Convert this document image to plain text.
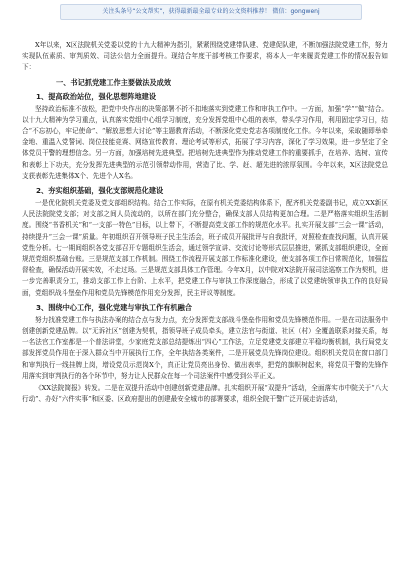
关注头条号“公文帮实”，获得最新最全最专业的公文资料推荐！ 微信：gongwenj

X年以来，X区法院机关党委以党的十九大精神为指引，紧紧围绕党建带队建、党建促队建，不断加强法院党建工作，努力实现队伍素质、审判质效、司法公信力全面提升。现结合年度干部考核工作要求，将本人一年来履责党建工作的情况报告如下：

一、书记抓党建工作主要做法及成效
1、提高政治站位，强化思想阵地建设

坚持政治标准不放松，把党中央作出的决策部署不折不扣地落实到党建工作和审执工作中。一方面，加强“学”“做”结合。以十九大精神为学习重点，认真落实党组中心组学习制度，充分发挥党组中心组的表率，带头学习作用，利用固定学习日，结合“不忘初心，牢记使命”、“解放思想大讨论”等主题教育活动，不断深化党史党志各项制度化工作。今年以来，采取随即举牵金地、重温入党誓词、岗位技能竞赛、网络宣传教育、理论考试等形式，拓展了学习内容，深化了学习效果，进一步坚定了全体党员干警的理想信念。另一方面，加强培树先进典型。把培树先进典型作为推动党建工作的重要抓手，在培养、选树、宣传和表彰上下功夫，充分发挥先进典型的示范引领带动作用，营造了比、学、赶、超先进的浓厚氛围。今年以来，X区法院党总支获表彰先进集体X个、先进个人X名。

2、夯实组织基础，强化支部规范化建设

一是优化院机关党委及党支部组织结构。结合工作实际，在原有机关党委结构体系下，配齐机关党委副书记，成立XX新区人民法院院党支部；对支部之间人员流动的，以所在部门充分整合，确保支部人员结构更加合理。二是严格落实组织生活制度。围绕“书香机关”和“一支部一特色”目标，以上带下，不断提高党支部工作的规范化水平。扎实开展支部“三会一课”活动，持续提升“三会一课”质量。年初组织召开领导班子民主生活会，班子成员开展批评与自我批评，对照检查查找问题，认真开展党性分析。七一期间组织各党支部召开专题组织生活会，通过领学宣讲、交流讨论等形式层层推进，紧抓支部组织建设，全面规范党组织基础台账。三是规范支部工作机制。围绕工作流程开展支部工作标准化建设，使支部各项工作日常规范化，加强监督检查，确保活动开展实效，不走过场。三是规范支部具体工作管理。今年X月，以中院对X法院开展司法巡察工作为契机，进一步完善职责分工，推动支部工作上台阶、上水平，把党建工作与审执工作深度融合，形成了以党建统领审执工作的良好局面，党组织战斗堡垒作用和党员先锋模范作用充分发挥，民主评议等制度。

3、围绕中心工作，强化党建与审执工作有机融合

努力找准党建工作与执法办案的结合点与发力点，充分发挥党支部战斗堡垒作用和党员先锋模范作用。一是在司法服务中创建创新党建品牌。以“无诉社区”创建为契机，指领导班子成员牵头，建立法官与街道、社区（村）全覆盖联系对接关系，每一名法官工作室都是一个普法讲堂，少家庭党支部总结提炼出“四心”工作法，立足党建党支部建立平稳均衡机制，执行局党支部发挥党员作用在于深入群众当中开展执行工作，全年执结各类案件，二是开展党员先锋岗位建设。组织机关党员在窗口部门和审判执行一线挂牌上岗，增设党员示范岗X个，真正让党员亮出身份、做出表率，把党的旗帜树起来，将党员干警的先锋作用落实到审判执行的各个环节中，努力让人民群众在每一个司法案件中感受到公平正义。

《XX法院简报》转发。二是在双提升活动中创建创新党建品牌。扎实组织开展“双提升”活动，全面落实市中院关于“八大行动”、办好“六件实事”和区委、区政府提出的创建最安全城市的部署要求，组织全院干警广泛开展走访活动，
